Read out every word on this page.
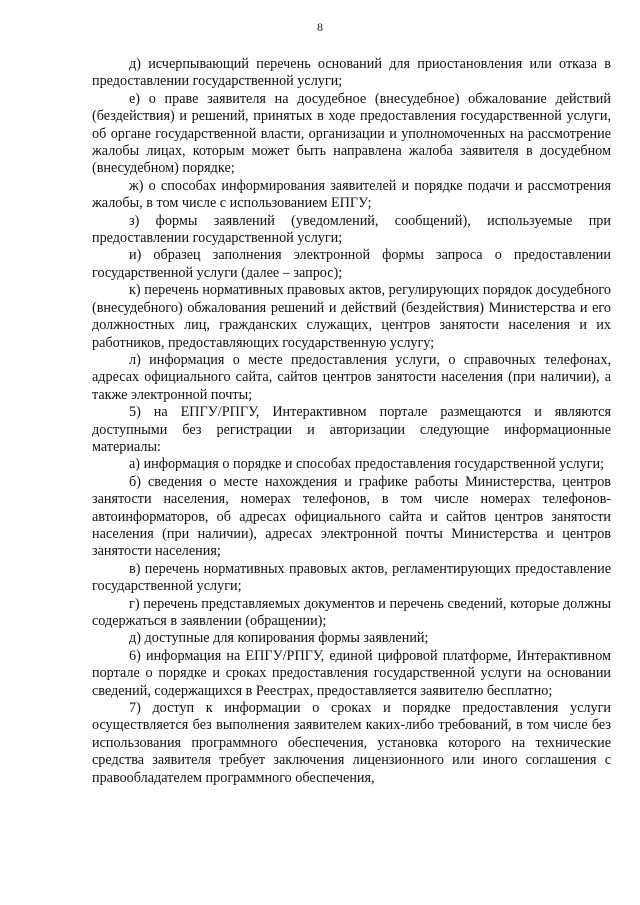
8

д) исчерпывающий перечень оснований для приостановления или отказа в предоставлении государственной услуги;

е) о праве заявителя на досудебное (внесудебное) обжалование действий (бездействия) и решений, принятых в ходе предоставления государственной услуги, об органе государственной власти, организации и уполномоченных на рассмотрение жалобы лицах, которым может быть направлена жалоба заявителя в досудебном (внесудебном) порядке;

ж) о способах информирования заявителей и порядке подачи и рассмотрения жалобы, в том числе с использованием ЕПГУ;

з) формы заявлений (уведомлений, сообщений), используемые при предоставлении государственной услуги;

и) образец заполнения электронной формы запроса о предоставлении государственной услуги (далее – запрос);

к) перечень нормативных правовых актов, регулирующих порядок досудебного (внесудебного) обжалования решений и действий (бездействия) Министерства и его должностных лиц, гражданских служащих, центров занятости населения и их работников, предоставляющих государственную услугу;

л) информация о месте предоставления услуги, о справочных телефонах, адресах официального сайта, сайтов центров занятости населения (при наличии), а также электронной почты;

5) на ЕПГУ/РПГУ, Интерактивном портале размещаются и являются доступными без регистрации и авторизации следующие информационные материалы:

а) информация о порядке и способах предоставления государственной услуги;

б) сведения о месте нахождения и графике работы Министерства, центров занятости населения, номерах телефонов, в том числе номерах телефонов-автоинформаторов, об адресах официального сайта и сайтов центров занятости населения (при наличии), адресах электронной почты Министерства и центров занятости населения;

в) перечень нормативных правовых актов, регламентирующих предоставление государственной услуги;

г) перечень представляемых документов и перечень сведений, которые должны содержаться в заявлении (обращении);

д) доступные для копирования формы заявлений;

6) информация на ЕПГУ/РПГУ, единой цифровой платформе, Интерактивном портале о порядке и сроках предоставления государственной услуги на основании сведений, содержащихся в Реестрах, предоставляется заявителю бесплатно;

7) доступ к информации о сроках и порядке предоставления услуги осуществляется без выполнения заявителем каких-либо требований, в том числе без использования программного обеспечения, установка которого на технические средства заявителя требует заключения лицензионного или иного соглашения с правообладателем программного обеспечения,
